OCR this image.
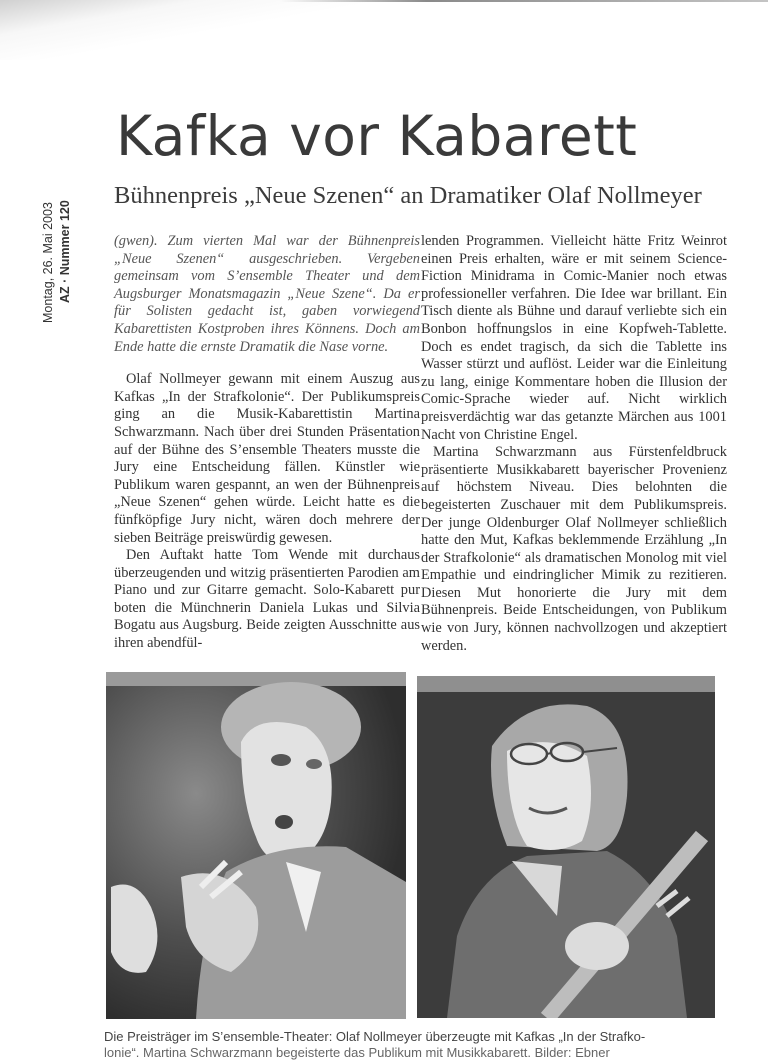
Montag, 26. Mai 2003 AZ · Nummer 120
Kafka vor Kabarett
Bühnenpreis „Neue Szenen“ an Dramatiker Olaf Nollmeyer

(gwen). Zum vierten Mal war der Bühnenpreis „Neue Szenen“ ausgeschrieben. Vergeben gemeinsam vom S’ensemble Theater und dem Augsburger Monatsmagazin „Neue Szene“. Da er für Solisten gedacht ist, gaben vorwiegend Kabarettisten Kostproben ihres Könnens. Doch am Ende hatte die ernste Dramatik die Nase vorne.

Olaf Nollmeyer gewann mit einem Auszug aus Kafkas „In der Strafkolonie“. Der Publikumspreis ging an die Musik-Kabarettistin Martina Schwarzmann. Nach über drei Stunden Präsentation auf der Bühne des S’ensemble Theaters musste die Jury eine Entscheidung fällen. Künstler wie Publikum waren gespannt, an wen der Bühnenpreis „Neue Szenen“ gehen würde. Leicht hatte es die fünfköpfige Jury nicht, wären doch mehrere der sieben Beiträge preiswürdig gewesen.

Den Auftakt hatte Tom Wende mit durchaus überzeugenden und witzig präsentierten Parodien am Piano und zur Gitarre gemacht. Solo-Kabarett pur boten die Münchnerin Daniela Lukas und Silvia Bogatu aus Augsburg. Beide zeigten Ausschnitte aus ihren abendfül-

lenden Programmen. Vielleicht hätte Fritz Weinrot einen Preis erhalten, wäre er mit seinem Science-Fiction Minidrama in Comic-Manier noch etwas professioneller verfahren. Die Idee war brillant. Ein Tisch diente als Bühne und darauf verliebte sich ein Bonbon hoffnungslos in eine Kopfweh-Tablette. Doch es endet tragisch, da sich die Tablette ins Wasser stürzt und auflöst. Leider war die Einleitung zu lang, einige Kommentare hoben die Illusion der Comic-Sprache wieder auf. Nicht wirklich preisverdächtig war das getanzte Märchen aus 1001 Nacht von Christine Engel.

Martina Schwarzmann aus Fürstenfeldbruck präsentierte Musikkabarett bayerischer Provenienz auf höchstem Niveau. Dies belohnten die begeisterten Zuschauer mit dem Publikumspreis. Der junge Oldenburger Olaf Nollmeyer schließlich hatte den Mut, Kafkas beklemmende Erzählung „In der Strafkolonie“ als dramatischen Monolog mit viel Empathie und eindringlicher Mimik zu rezitieren. Diesen Mut honorierte die Jury mit dem Bühnenpreis. Beide Entscheidungen, von Publikum wie von Jury, können nachvollzogen und akzeptiert werden.

Die Preisträger im S’ensemble-Theater: Olaf Nollmeyer überzeugte mit Kafkas „In der Strafko-
lonie“. Martina Schwarzmann begeisterte das Publikum mit Musikkabarett. Bilder: Ebner
